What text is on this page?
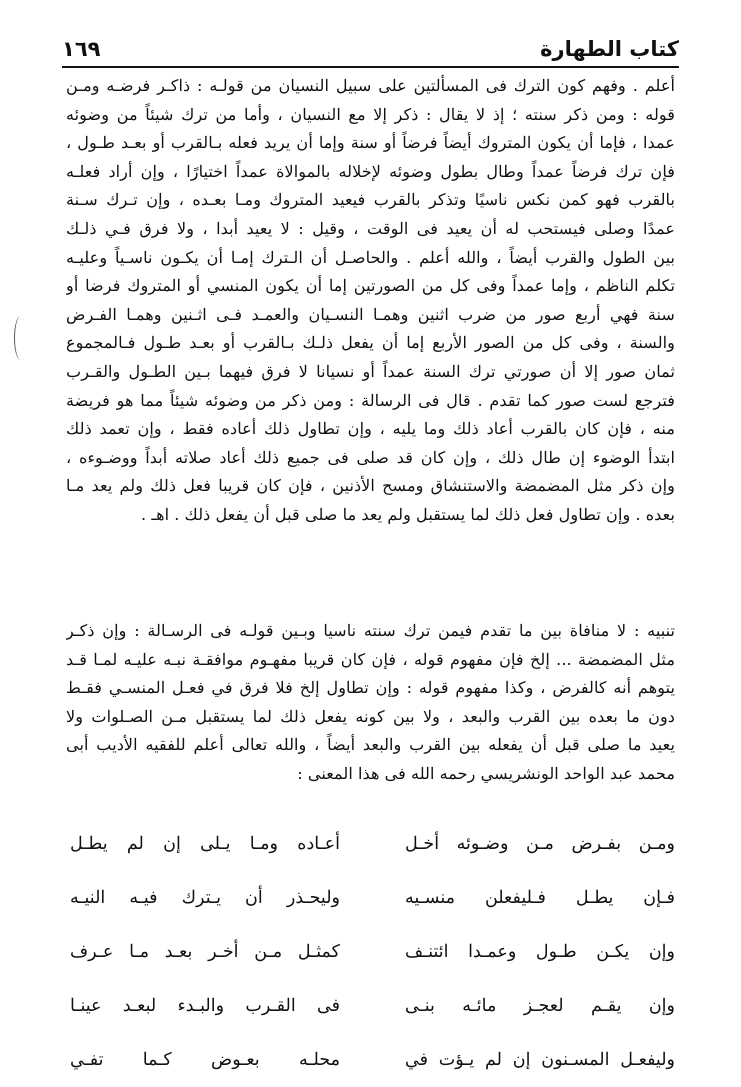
كتاب الطهارة
١٦٩
أعلم . وفهم كون الترك فى المسألتين على سبيل النسيان من قولـه : ذاكـر فرضـه ومـن
قوله : ومن ذكر سنته ؛ إذ لا يقال : ذكر إلا مع النسيان ، وأما من ترك شيئاً من وضوئه
عمدا ، فإما أن يكون المتروك أيضاً فرضاً أو سنة وإما أن يريد فعله بـالقرب أو بعـد طـول ،
فإن ترك فرضاً عمداً وطال بطول وضوئه لإخلاله بالموالاة عمداً اختيارًا ، وإن أراد فعلـه
بالقرب فهو كمن نكس ناسيًا وتذكر بالقرب فيعيد المتروك ومـا بعـده ، وإن تـرك سـنة
عمدًا وصلى فيستحب له أن يعيد فى الوقت ، وقيل : لا يعيد أبدا ، ولا فرق فـي ذلـك
بين الطول والقرب أيضاً ، والله أعلم . والحاصـل أن الـترك إمـا أن يكـون ناسـياً وعليـه
تكلم الناظم ، وإما عمداً وفى كل من الصورتين إما أن يكون المنسي أو المتروك فرضا أو
سنة فهي أربع صور من ضرب اثنين وهمـا النسـيان والعمـد فـى اثـنين وهمـا الفـرض
والسنة ، وفى كل من الصور الأربع إما أن يفعل ذلـك بـالقرب أو بعـد طـول فـالمجموع
ثمان صور إلا أن صورتي ترك السنة عمداً أو نسيانا لا فرق فيهما بـين الطـول والقـرب
فترجع لست صور كما تقدم . قال فى الرسالة : ومن ذكر من وضوئه شيئاً مما هو فريضة
منه ، فإن كان بالقرب أعاد ذلك وما يليه ، وإن تطاول ذلك أعاده فقط ، وإن تعمد ذلك
ابتدأ الوضوء إن طال ذلك ، وإن كان قد صلى فى جميع ذلك أعاد صلاته أبداً ووضـوءه ،
وإن ذكر مثل المضمضة والاستنشاق ومسح الأذنين ، فإن كان قريبا فعل ذلك ولم يعد مـا
بعده . وإن تطاول فعل ذلك لما يستقبل ولم يعد ما صلى قبل أن يفعل ذلك . اهـ .
تنبيه : لا منافاة بين ما تقدم فيمن ترك سنته ناسيا وبـين قولـه فى الرسـالة : وإن ذكـر
مثل المضمضة ... إلخ فإن مفهوم قوله ، فإن كان قريبا مفهـوم موافقـة نبـه عليـه لمـا قـد
يتوهم أنه كالفرض ، وكذا مفهوم قوله : وإن تطاول إلخ فلا فرق في فعـل المنسـي فقـط
دون ما بعده بين القرب والبعد ، ولا بين كونه يفعل ذلك لما يستقبل مـن الصـلوات ولا
يعيد ما صلى قبل أن يفعله بين القرب والبعد أيضاً ، والله تعالى أعلم للفقيه الأديب أبى
محمد عبد الواحد الونشريسي رحمه الله فى هذا المعنى :
ومـن بفـرض مـن وضـوئه أخـل
أعـاده ومـا يـلى إن لم يطـل
فـإن يطـل فـليفعلن منسـيه
وليحـذر أن يـترك فيـه النيـه
وإن يكـن طـول وعمـدا ائتنـف
كمثـل مـن أخـر بعـد مـا عـرف
وإن يقـم لعجـز مائـه بنـى
فى القـرب والبـدء لبعـد عينـا
وليفعـل المسـنون إن لم يـؤت في
محلـه بعـوض كـما تفـي
